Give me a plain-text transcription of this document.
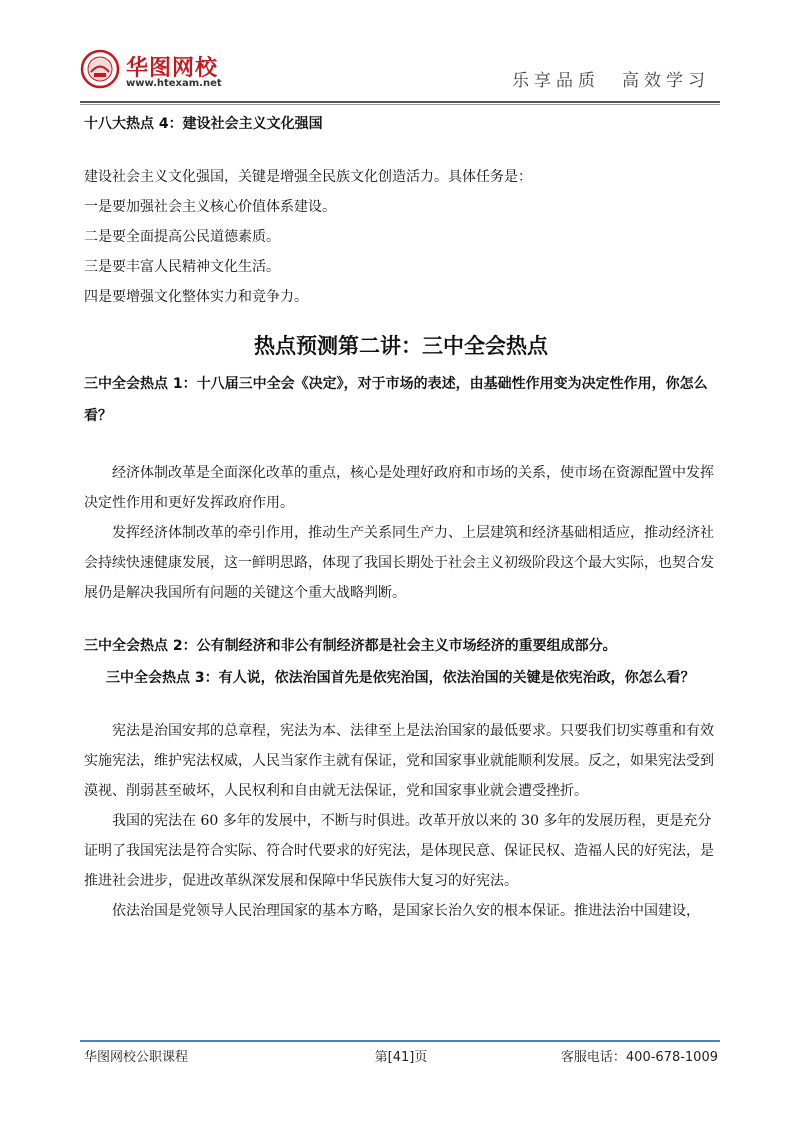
华图网校
www.htexam.net	乐享品质　高效学习

十八大热点 4：建设社会主义文化强国

建设社会主义文化强国，关键是增强全民族文化创造活力。具体任务是：

一是要加强社会主义核心价值体系建设。

二是要全面提高公民道德素质。

三是要丰富人民精神文化生活。

四是要增强文化整体实力和竞争力。

热点预测第二讲：三中全会热点

三中全会热点 1：十八届三中全会《决定》，对于市场的表述，由基础性作用变为决定性作用，你怎么看？

经济体制改革是全面深化改革的重点，核心是处理好政府和市场的关系，使市场在资源配置中发挥决定性作用和更好发挥政府作用。

发挥经济体制改革的牵引作用，推动生产关系同生产力、上层建筑和经济基础相适应，推动经济社会持续快速健康发展，这一鲜明思路，体现了我国长期处于社会主义初级阶段这个最大实际，也契合发展仍是解决我国所有问题的关键这个重大战略判断。

三中全会热点 2：公有制经济和非公有制经济都是社会主义市场经济的重要组成部分。

三中全会热点 3：有人说，依法治国首先是依宪治国，依法治国的关键是依宪治政，你怎么看？

宪法是治国安邦的总章程，宪法为本、法律至上是法治国家的最低要求。只要我们切实尊重和有效实施宪法，维护宪法权威，人民当家作主就有保证，党和国家事业就能顺利发展。反之，如果宪法受到漠视、削弱甚至破坏，人民权利和自由就无法保证，党和国家事业就会遭受挫折。

我国的宪法在 60 多年的发展中，不断与时俱进。改革开放以来的 30 多年的发展历程，更是充分证明了我国宪法是符合实际、符合时代要求的好宪法，是体现民意、保证民权、造福人民的好宪法，是推进社会进步，促进改革纵深发展和保障中华民族伟大复习的好宪法。

依法治国是党领导人民治理国家的基本方略，是国家长治久安的根本保证。推进法治中国建设，

华图网校公职课程	第[41]页	客服电话：400-678-1009
